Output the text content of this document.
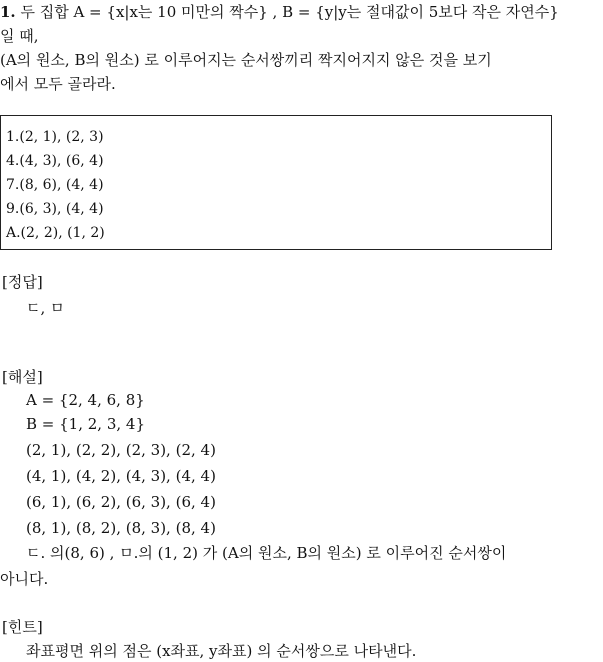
1. 두 집합 A = {x|x는 10 미만의 짝수} , B = {y|y는 절대값이 5보다 작은 자연수}
일 때,
(A의 원소, B의 원소) 로 이루어지는 순서쌍끼리 짝지어지지 않은 것을 보기
에서 모두 골라라.
1.(2, 1), (2, 3)
4.(4, 3), (6, 4)
7.(8, 6), (4, 4)
9.(6, 3), (4, 4)
A.(2, 2), (1, 2)
[정답]
ㄷ, ㅁ
[해설]
A = {2, 4, 6, 8}
B = {1, 2, 3, 4}
(2, 1), (2, 2), (2, 3), (2, 4)
(4, 1), (4, 2), (4, 3), (4, 4)
(6, 1), (6, 2), (6, 3), (6, 4)
(8, 1), (8, 2), (8, 3), (8, 4)
ㄷ. 의(8, 6) , ㅁ.의 (1, 2) 가 (A의 원소, B의 원소) 로 이루어진 순서쌍이
아니다.
[힌트]
좌표평면 위의 점은 (x좌표, y좌표) 의 순서쌍으로 나타낸다.
